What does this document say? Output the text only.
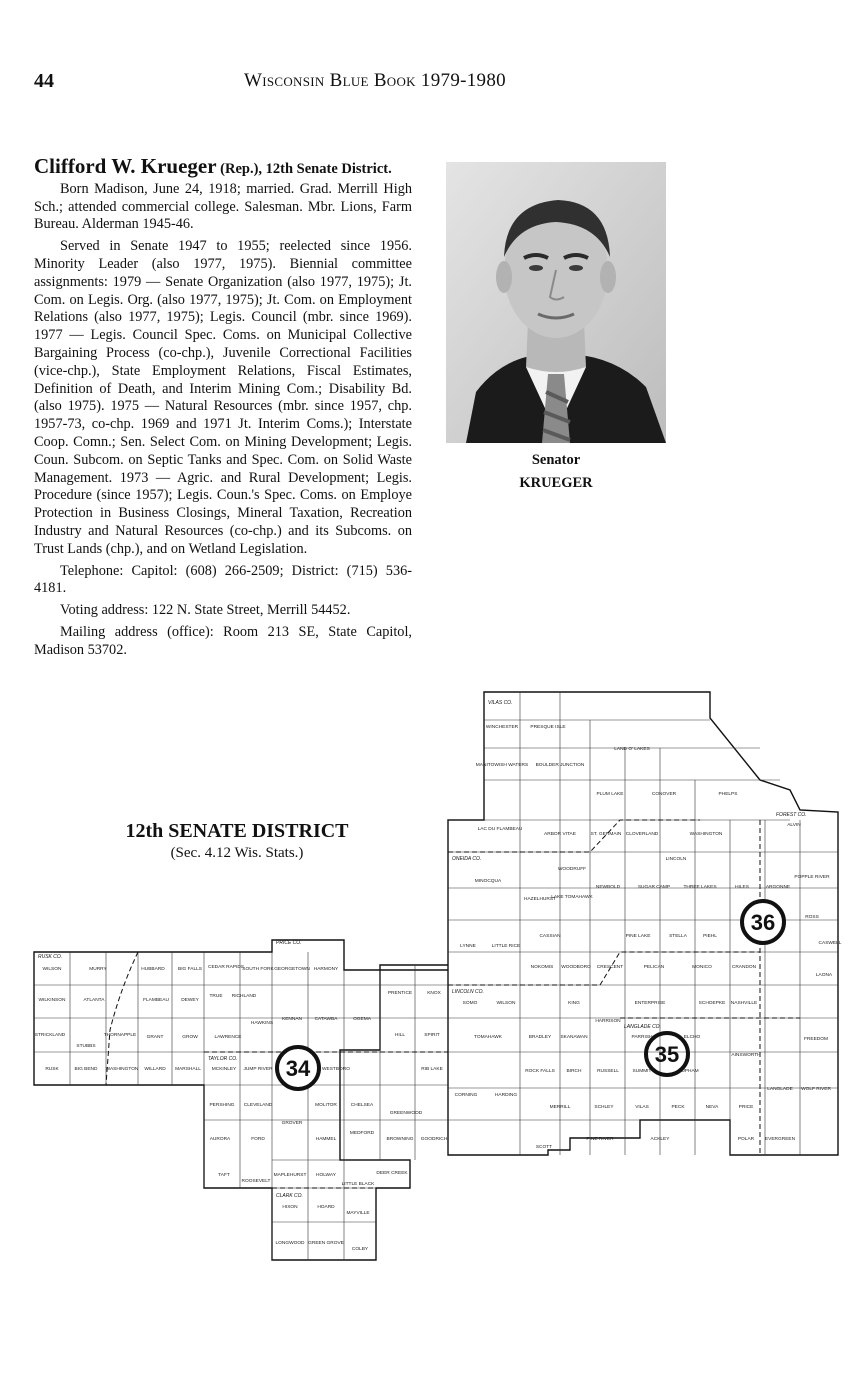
44	Wisconsin Blue Book 1979-1980
Clifford W. Krueger (Rep.), 12th Senate District.

Born Madison, June 24, 1918; married. Grad. Merrill High Sch.; attended commercial college. Salesman. Mbr. Lions, Farm Bureau. Alderman 1945-46.

Served in Senate 1947 to 1955; reelected since 1956. Minority Leader (also 1977, 1975). Biennial committee assignments: 1979 — Senate Organization (also 1977, 1975); Jt. Com. on Legis. Org. (also 1977, 1975); Jt. Com. on Employment Relations (also 1977, 1975); Legis. Council (mbr. since 1969). 1977 — Legis. Council Spec. Coms. on Municipal Collective Bargaining Process (co-chp.), Juvenile Correctional Facilities (vice-chp.), State Employment Relations, Fiscal Estimates, Definition of Death, and Interim Mining Com.; Disability Bd. (also 1975). 1975 — Natural Resources (mbr. since 1957, chp. 1957-73, co-chp. 1969 and 1971 Jt. Interim Coms.); Interstate Coop. Comn.; Sen. Select Com. on Mining Development; Legis. Coun. Subcom. on Septic Tanks and Spec. Com. on Solid Waste Management. 1973 — Agric. and Rural Development; Legis. Procedure (since 1957); Legis. Coun.'s Spec. Coms. on Employe Protection in Business Closings, Mineral Taxation, Recreation Industry and Natural Resources (co-chp.) and its Subcoms. on Trust Lands (chp.), and on Wetland Legislation.

Telephone: Capitol: (608) 266-2509; District: (715) 536-4181.

Voting address: 122 N. State Street, Merrill 54452.

Mailing address (office): Room 213 SE, State Capitol, Madison 53702.

Senator
KRUEGER
12th SENATE DISTRICT
(Sec. 4.12 Wis. Stats.)
VILAS CO.
ONEIDA CO.
LINCOLN CO.
LANGLADE CO.
FOREST CO.
PRICE CO.
TAYLOR CO.
CLARK CO.
RUSK CO.
WINCHESTER	PRESQUE ISLE
LAND O' LAKES
MANITOWISH WATERS BOULDER JUNCTION
PLUM LAKE	CONOVER	PHELPS
LAC DU FLAMBEAU
ARBOR VITAE	ST. GERMAIN CLOVERLAND	WASHINGTON
LINCOLN
ALVIN
MINOCQUA
WOODRUFF
NEWBOLD	SUGAR CAMP	THREE LAKES	HILES	ARGONNE
POPPLE RIVER
HAZELHURST
LAKE TOMAHAWK
ROSS
PINE LAKE	STELLA	PIEHL
LYNNE	LITTLE RICE
CASSIAN
CASWELL
NOKOMIS WOODBORO CRESCENT	PELICAN	MONICO	CRANDON
LAONA
SOMO	WILSON	KING	ENTERPRISE	SCHOEPKE NASHVILLE
HARRISON
TOMAHAWK	BRADLEY SKANAWAN	PARRISH	ELCHO	FREEDOM
AINSWORTH
CORNING	HARDING
ROCK FALLS BIRCH	RUSSELL	SUMMIT	UPHAM
LANGLADE WOLF RIVER
MERRILL	SCHLEY	VILAS	PECK	NEVA	PRICE
SCOTT
PINE RIVER	ACKLEY	POLAR EVERGREEN
WILSON	MURRY	HUBBARD	BIG FALLS CEDAR RAPIDS
SOUTH FORK GEORGETOWN HARMONY
WILKINSON	ATLANTA	FLAMBEAU	DEWEY
TRUE RICHLAND
KENNAN	CATAWBA	OGEMA
PRENTICE	KNOX
STRICKLAND	THORNAPPLE GRANT	GROW	LAWRENCE
HAWKINS
HILL	SPIRIT
STUBBS
RUSK	BIG BEND WASHINGTON WILLARD MARSHALL MCKINLEY JUMP RIVER	WESTBORO	RIB LAKE
PERSHING CLEVELAND	MOLITOR	CHELSEA
GREENWOOD
AURORA	FORD
GROVER
HAMMEL
MEDFORD
BROWNING GOODRICH
TAFT
ROOSEVELT
MAPLEHURST HOLWAY	DEER CREEK
LITTLE BLACK
HIXON	HOARD
MAYVILLE
LONGWOOD GREEN GROVE
COLBY
36
35
34
